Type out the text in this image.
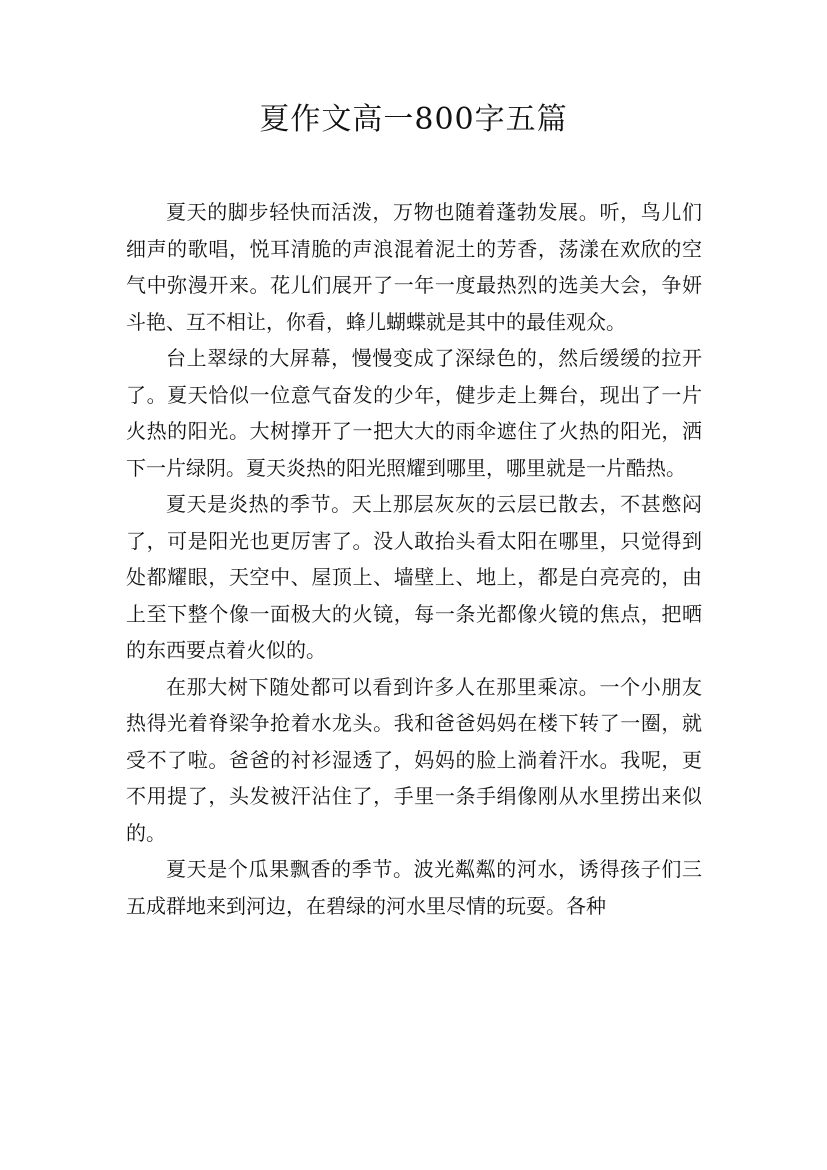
夏作文高一800字五篇

夏天的脚步轻快而活泼，万物也随着蓬勃发展。听，鸟儿们细声的歌唱，悦耳清脆的声浪混着泥土的芳香，荡漾在欢欣的空气中弥漫开来。花儿们展开了一年一度最热烈的选美大会，争妍斗艳、互不相让，你看，蜂儿蝴蝶就是其中的最佳观众。

台上翠绿的大屏幕，慢慢变成了深绿色的，然后缓缓的拉开了。夏天恰似一位意气奋发的少年，健步走上舞台，现出了一片火热的阳光。大树撑开了一把大大的雨伞遮住了火热的阳光，洒下一片绿阴。夏天炎热的阳光照耀到哪里，哪里就是一片酷热。

夏天是炎热的季节。天上那层灰灰的云层已散去，不甚憋闷了，可是阳光也更厉害了。没人敢抬头看太阳在哪里，只觉得到处都耀眼，天空中、屋顶上、墙壁上、地上，都是白亮亮的，由上至下整个像一面极大的火镜，每一条光都像火镜的焦点，把晒的东西要点着火似的。

在那大树下随处都可以看到许多人在那里乘凉。一个小朋友热得光着脊梁争抢着水龙头。我和爸爸妈妈在楼下转了一圈，就受不了啦。爸爸的衬衫湿透了，妈妈的脸上淌着汗水。我呢，更不用提了，头发被汗沾住了，手里一条手绢像刚从水里捞出来似的。

夏天是个瓜果飘香的季节。波光粼粼的河水，诱得孩子们三五成群地来到河边，在碧绿的河水里尽情的玩耍。各种
